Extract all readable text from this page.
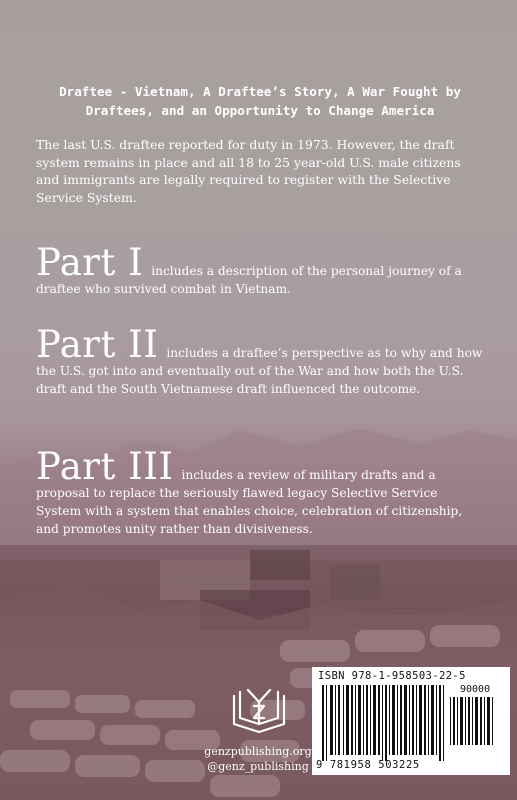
Draftee - Vietnam, A Draftee’s Story, A War Fought by Draftees, and an Opportunity to Change America
The last U.S. draftee reported for duty in 1973. However, the draft system remains in place and all 18 to 25 year-old U.S. male citizens and immigrants are legally required to register with the Selective Service System.
Part I includes a description of the personal journey of a draftee who survived combat in Vietnam.
Part II includes a draftee’s perspective as to why and how the U.S. got into and eventually out of the War and how both the U.S. draft and the South Vietnamese draft influenced the outcome.
Part III includes a review of military drafts and a proposal to replace the seriously flawed legacy Selective Service System with a system that enables choice, celebration of citizenship, and promotes unity rather than divisiveness.
genzpublishing.org
@genz_publishing
ISBN 978-1-958503-22-5
90000
9 781958 503225
